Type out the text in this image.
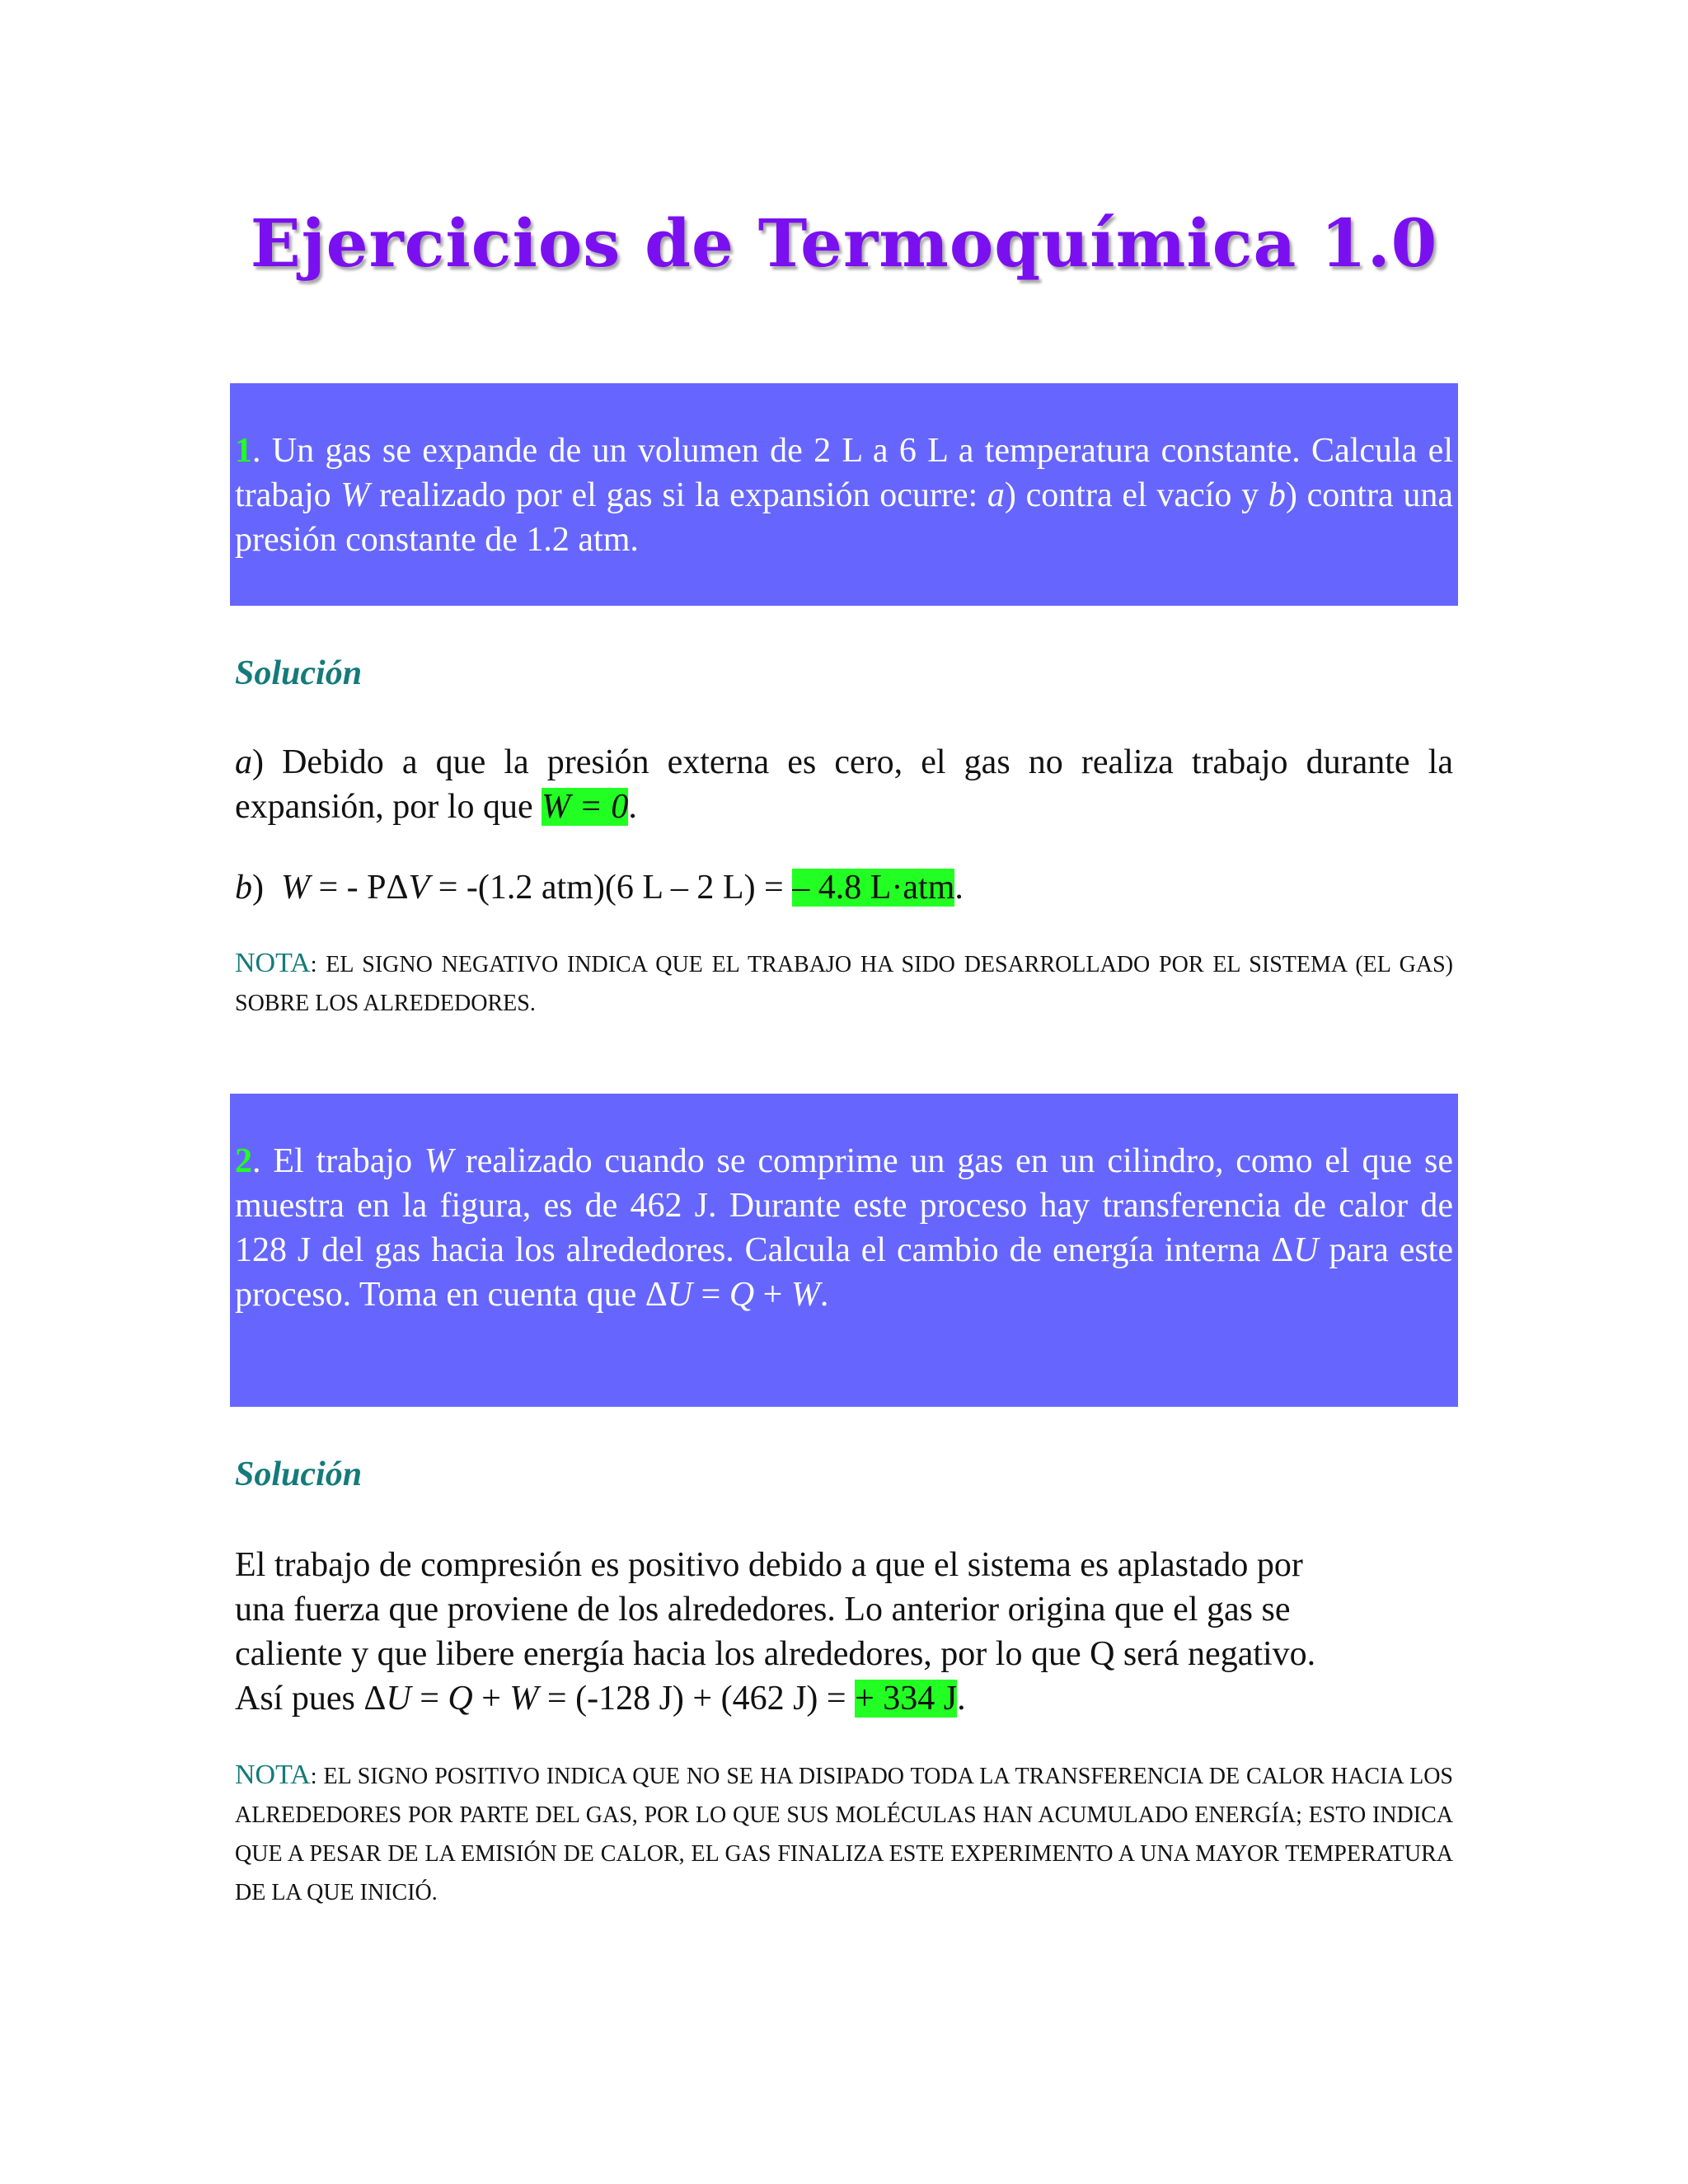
Ejercicios de Termoquímica 1.0

1. Un gas se expande de un volumen de 2 L a 6 L a temperatura constante. Calcula el trabajo W realizado por el gas si la expansión ocurre: a) contra el vacío y b) contra una presión constante de 1.2 atm.

Solución

a) Debido a que la presión externa es cero, el gas no realiza trabajo durante la expansión, por lo que W = 0.

b)  W = - PΔV = -(1.2 atm)(6 L – 2 L) = – 4.8 L·atm.

NOTA: EL SIGNO NEGATIVO INDICA QUE EL TRABAJO HA SIDO DESARROLLADO POR EL SISTEMA (EL GAS) SOBRE LOS ALREDEDORES.

2. El trabajo W realizado cuando se comprime un gas en un cilindro, como el que se muestra en la figura, es de 462 J. Durante este proceso hay transferencia de calor de 128 J del gas hacia los alrededores. Calcula el cambio de energía interna ΔU para este proceso. Toma en cuenta que ΔU = Q + W.

Solución
El trabajo de compresión es positivo debido a que el sistema es aplastado por
una fuerza que proviene de los alrededores. Lo anterior origina que el gas se
caliente y que libere energía hacia los alrededores, por lo que Q será negativo.
Así pues ΔU = Q + W = (-128 J) + (462 J) = + 334 J.

NOTA: EL SIGNO POSITIVO INDICA QUE NO SE HA DISIPADO TODA LA TRANSFERENCIA DE CALOR HACIA LOS ALREDEDORES POR PARTE DEL GAS, POR LO QUE SUS MOLÉCULAS HAN ACUMULADO ENERGÍA; ESTO INDICA QUE A PESAR DE LA EMISIÓN DE CALOR, EL GAS FINALIZA ESTE EXPERIMENTO A UNA MAYOR TEMPERATURA DE LA QUE INICIÓ.
